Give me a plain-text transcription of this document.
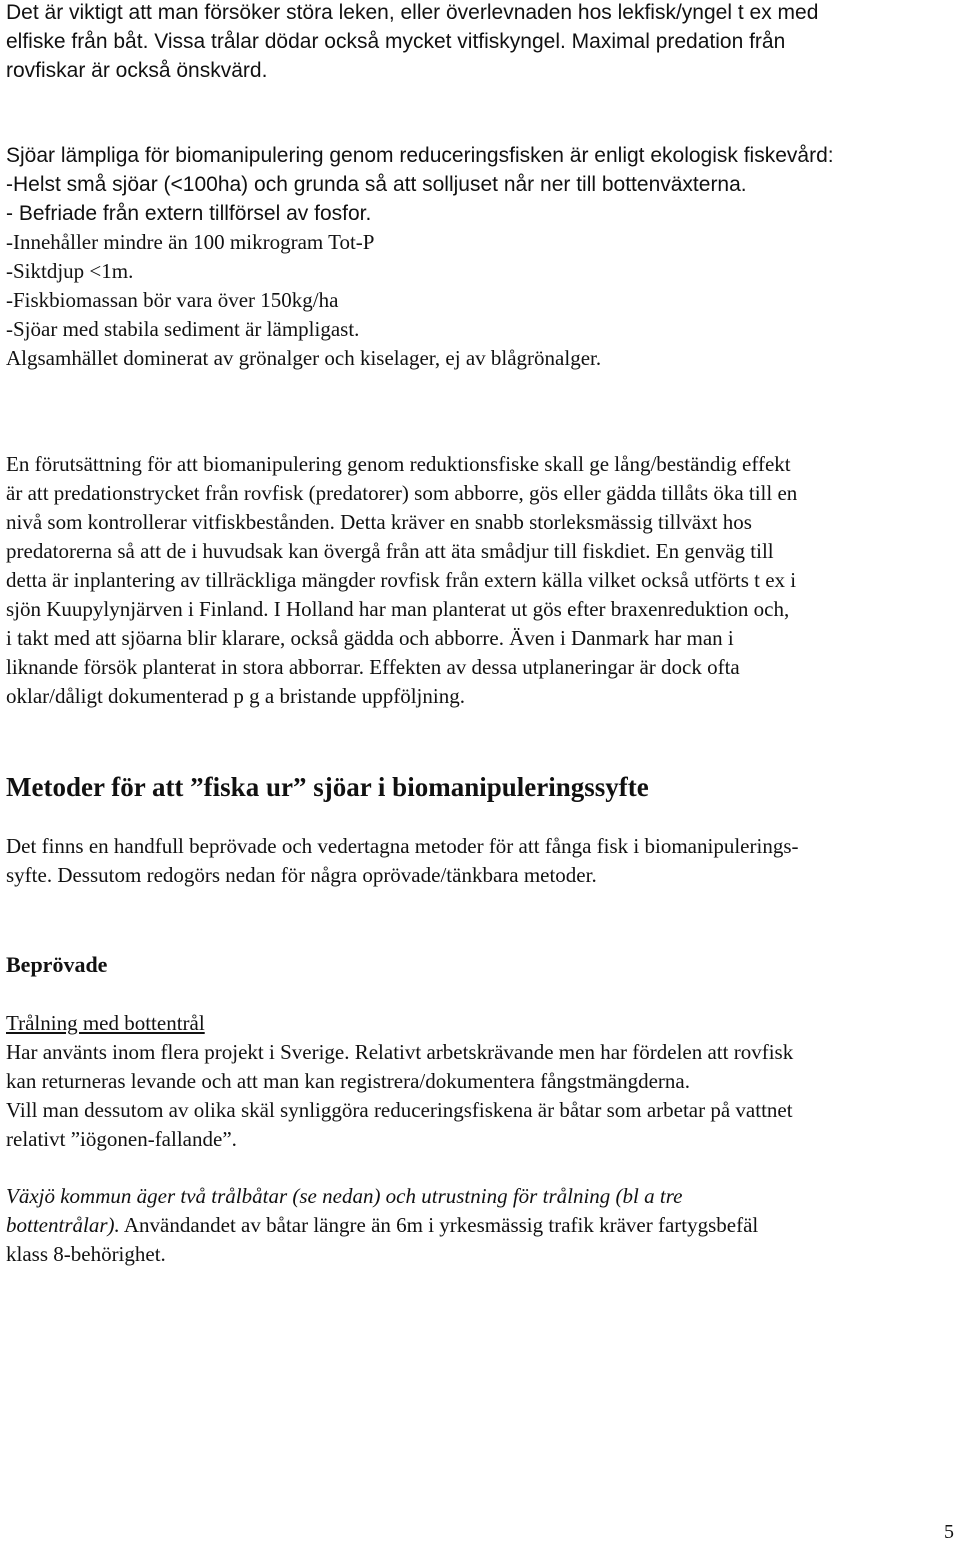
Det är viktigt att man försöker störa leken, eller överlevnaden hos lekfisk/yngel t ex med
elfiske från båt. Vissa trålar dödar också mycket vitfiskyngel. Maximal predation från
rovfiskar är också önskvärd.
Sjöar lämpliga för biomanipulering genom reduceringsfisken är enligt ekologisk fiskevård:
-Helst små sjöar (<100ha) och grunda så att solljuset når ner till bottenväxterna.
- Befriade från extern tillförsel av fosfor.
-Innehåller mindre än 100 mikrogram Tot-P
-Siktdjup <1m.
-Fiskbiomassan bör vara över 150kg/ha
-Sjöar med stabila sediment är lämpligast.
Algsamhället dominerat av grönalger och kiselager, ej av blågrönalger.
En förutsättning för att biomanipulering genom reduktionsfiske skall ge lång/beständig effekt
är att predationstrycket från rovfisk (predatorer) som abborre, gös eller gädda tillåts öka till en
nivå som kontrollerar vitfiskbestånden. Detta kräver en snabb storleksmässig tillväxt hos
predatorerna så att de i huvudsak kan övergå från att äta smådjur till fiskdiet. En genväg till
detta är inplantering av tillräckliga mängder rovfisk från extern källa vilket också utförts t ex i
sjön Kuupylynjärven i Finland. I Holland har man planterat ut gös efter braxenreduktion och,
i takt med att sjöarna blir klarare, också gädda och abborre. Även i Danmark har man i
liknande försök planterat in stora abborrar. Effekten av dessa utplaneringar är dock ofta
oklar/dåligt dokumenterad p g a bristande uppföljning.
Metoder för att ”fiska ur” sjöar i biomanipuleringssyfte
Det finns en handfull beprövade och vedertagna metoder för att fånga fisk i biomanipulerings-
syfte. Dessutom redogörs nedan för några oprövade/tänkbara metoder.
Beprövade
Trålning med bottentrål
Har använts inom flera projekt i Sverige. Relativt arbetskrävande men har fördelen att rovfisk
kan returneras levande och att man kan registrera/dokumentera fångstmängderna.
Vill man dessutom av olika skäl synliggöra reduceringsfiskena är båtar som arbetar på vattnet
relativt ”iögonen-fallande”.
Växjö kommun äger två trålbåtar (se nedan) och utrustning för trålning (bl a tre
bottentrålar). Användandet av båtar längre än 6m i yrkesmässig trafik kräver fartygsbefäl
klass 8-behörighet.
5
